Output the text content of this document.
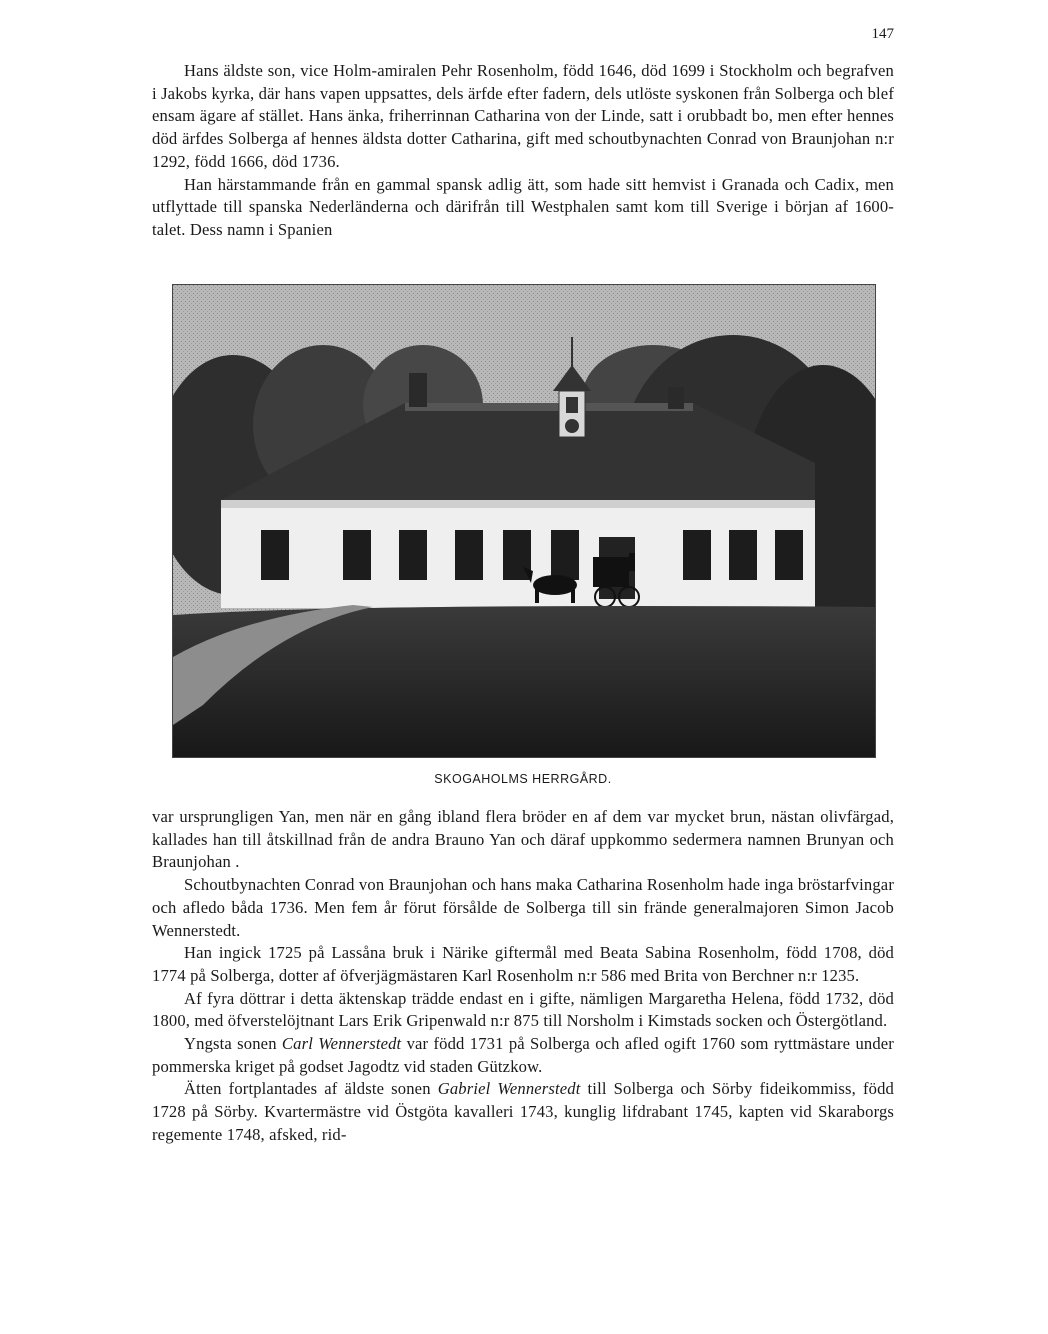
147

Hans äldste son, vice Holm-amiralen Pehr Rosenholm, född 1646, död 1699 i Stockholm och begrafven i Jakobs kyrka, där hans vapen uppsattes, dels ärfde efter fadern, dels utlöste syskonen från Solberga och blef ensam ägare af stället. Hans änka, friherrinnan Catharina von der Linde, satt i orubbadt bo, men efter hennes död ärfdes Solberga af hennes äldsta dotter Catharina, gift med schoutbynachten Conrad von Braunjohan n:r 1292, född 1666, död 1736.

Han härstammande från en gammal spansk adlig ätt, som hade sitt hemvist i Granada och Cadix, men utflyttade till spanska Nederländerna och därifrån till Westphalen samt kom till Sverige i början af 1600-talet. Dess namn i Spanien

SKOGAHOLMS HERRGÅRD.

var ursprungligen Yan, men när en gång ibland flera bröder en af dem var mycket brun, nästan olivfärgad, kallades han till åtskillnad från de andra Brauno Yan och däraf uppkommo sedermera namnen Brunyan och Braunjohan .

Schoutbynachten Conrad von Braunjohan och hans maka Catharina Rosenholm hade inga bröstarfvingar och afledo båda 1736. Men fem år förut försålde de Solberga till sin frände generalmajoren Simon Jacob Wennerstedt.

Han ingick 1725 på Lassåna bruk i Närike giftermål med Beata Sabina Rosenholm, född 1708, död 1774 på Solberga, dotter af öfverjägmästaren Karl Rosenholm n:r 586 med Brita von Berchner n:r 1235.

Af fyra döttrar i detta äktenskap trädde endast en i gifte, nämligen Margaretha Helena, född 1732, död 1800, med öfverstelöjtnant Lars Erik Gripenwald n:r 875 till Norsholm i Kimstads socken och Östergötland.

Yngsta sonen Carl Wennerstedt var född 1731 på Solberga och afled ogift 1760 som ryttmästare under pommerska kriget på godset Jagodtz vid staden Gützkow.

Ätten fortplantades af äldste sonen Gabriel Wennerstedt till Solberga och Sörby fideikommiss, född 1728 på Sörby. Kvartermästre vid Östgöta kavalleri 1743, kunglig lifdrabant 1745, kapten vid Skaraborgs regemente 1748, afsked, rid-
